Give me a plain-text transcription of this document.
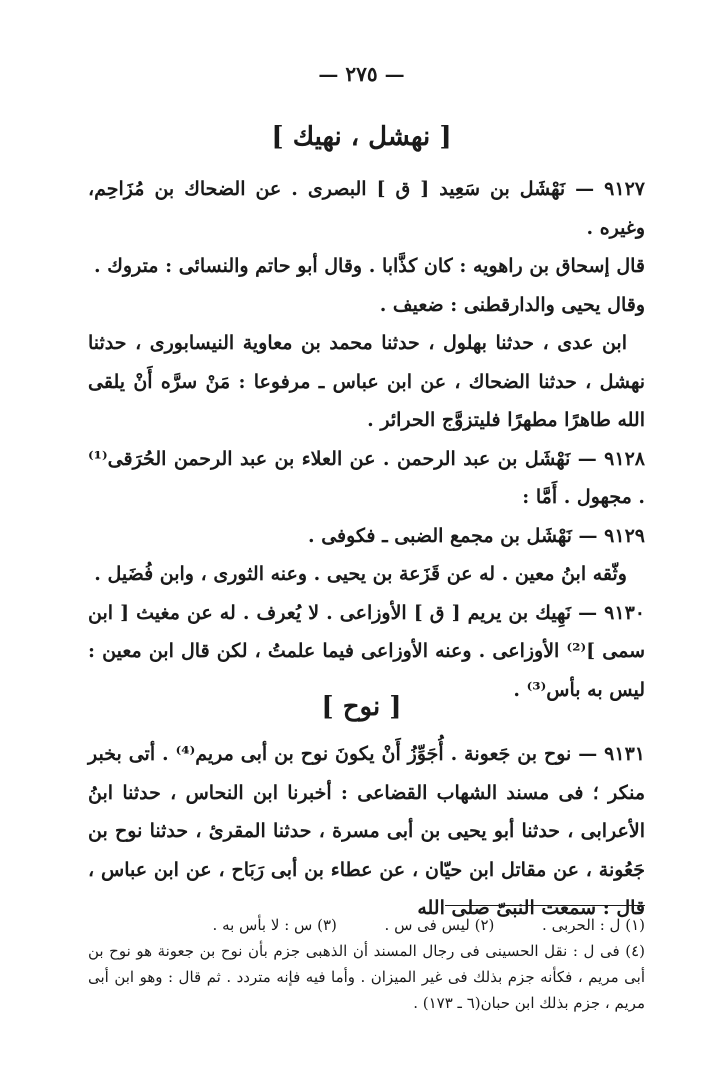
— ٢٧٥ —
[ نهشل ، نهيك ]

٩١٢٧ — نَهْشَل بن سَعِيد [ ق ] البصرى . عن الضحاك بن مُزَاحِم، وغيره .

قال إسحاق بن راهويه : كان كذَّابا . وقال أبو حاتم والنسائى : متروك .

وقال يحيى والدارقطنى : ضعيف .

ابن عدى ، حدثنا بهلول ، حدثنا محمد بن معاوية النيسابورى ، حدثنا نهشل ، حدثنا الضحاك ، عن ابن عباس ـ مرفوعا : مَنْ سرَّه أَنْ يلقى الله طاهرًا مطهرًا فليتزوَّج الحرائر .

٩١٢٨ — نَهْشَل بن عبد الرحمن . عن العلاء بن عبد الرحمن الحُرَقى⁽¹⁾ . مجهول . أَمَّا :

٩١٢٩ — نَهْشَل بن مجمع الضبى ـ فكوفى .

وثّقه ابنُ معين . له عن قَزَعة بن يحيى . وعنه الثورى ، وابن فُضَيل .

٩١٣٠ — نَهِيك بن يريم [ ق ] الأوزاعى . لا يُعرف . له عن مغيث [ ابن سمى ]⁽²⁾ الأوزاعى . وعنه الأوزاعى فيما علمتُ ، لكن قال ابن معين : ليس به بأس⁽³⁾ .

[ نوح ]

٩١٣١ — نوح بن جَعونة . أُجَوِّزُ أَنْ يكونَ نوح بن أبى مريم⁽⁴⁾ . أتى بخبر منكر ؛ فى مسند الشهاب القضاعى : أخبرنا ابن النحاس ، حدثنا ابنُ الأعرابى ، حدثنا أبو يحيى بن أبى مسرة ، حدثنا المقرئ ، حدثنا نوح بن جَعُونة ، عن مقاتل ابن حيّان ، عن عطاء بن أبى رَبَاح ، عن ابن عباس ، قال : سمعت النبىّ صلى الله

(١) ل : الحربى .          (٢) ليس فى س .          (٣) س : لا بأس به .

(٤) فى ل : نقل الحسينى فى رجال المسند أن الذهبى جزم بأن نوح بن جعونة هو نوح بن أبى مريم ، فكأنه جزم بذلك فى غير الميزان . وأما فيه فإنه متردد . ثم قال : وهو ابن أبى مريم ، جزم بذلك ابن حبان(٦ ـ ١٧٣) .
